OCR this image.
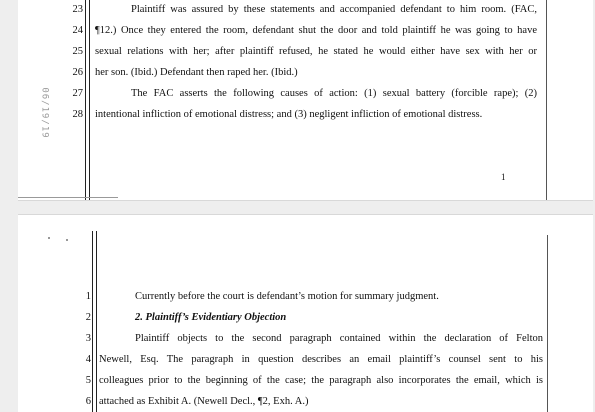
06/19/19
23	Plaintiff was assured by these statements and accompanied defendant to him room. (FAC,
24 ¶12.) Once they entered the room, defendant shut the door and told plaintiff he was going to have
25 sexual relations with her; after plaintiff refused, he stated he would either have sex with her or
26 her son. (Ibid.) Defendant then raped her. (Ibid.)
27	The FAC asserts the following causes of action: (1) sexual battery (forcible rape); (2)
28 intentional infliction of emotional distress; and (3) negligent infliction of emotional distress.
1
1	Currently before the court is defendant’s motion for summary judgment.
2	2. Plaintiff’s Evidentiary Objection
3	Plaintiff objects to the second paragraph contained within the declaration of Felton
4 Newell, Esq. The paragraph in question describes an email plaintiff’s counsel sent to his
5 colleagues prior to the beginning of the case; the paragraph also incorporates the email, which is
6 attached as Exhibit A. (Newell Decl., ¶2, Exh. A.)
